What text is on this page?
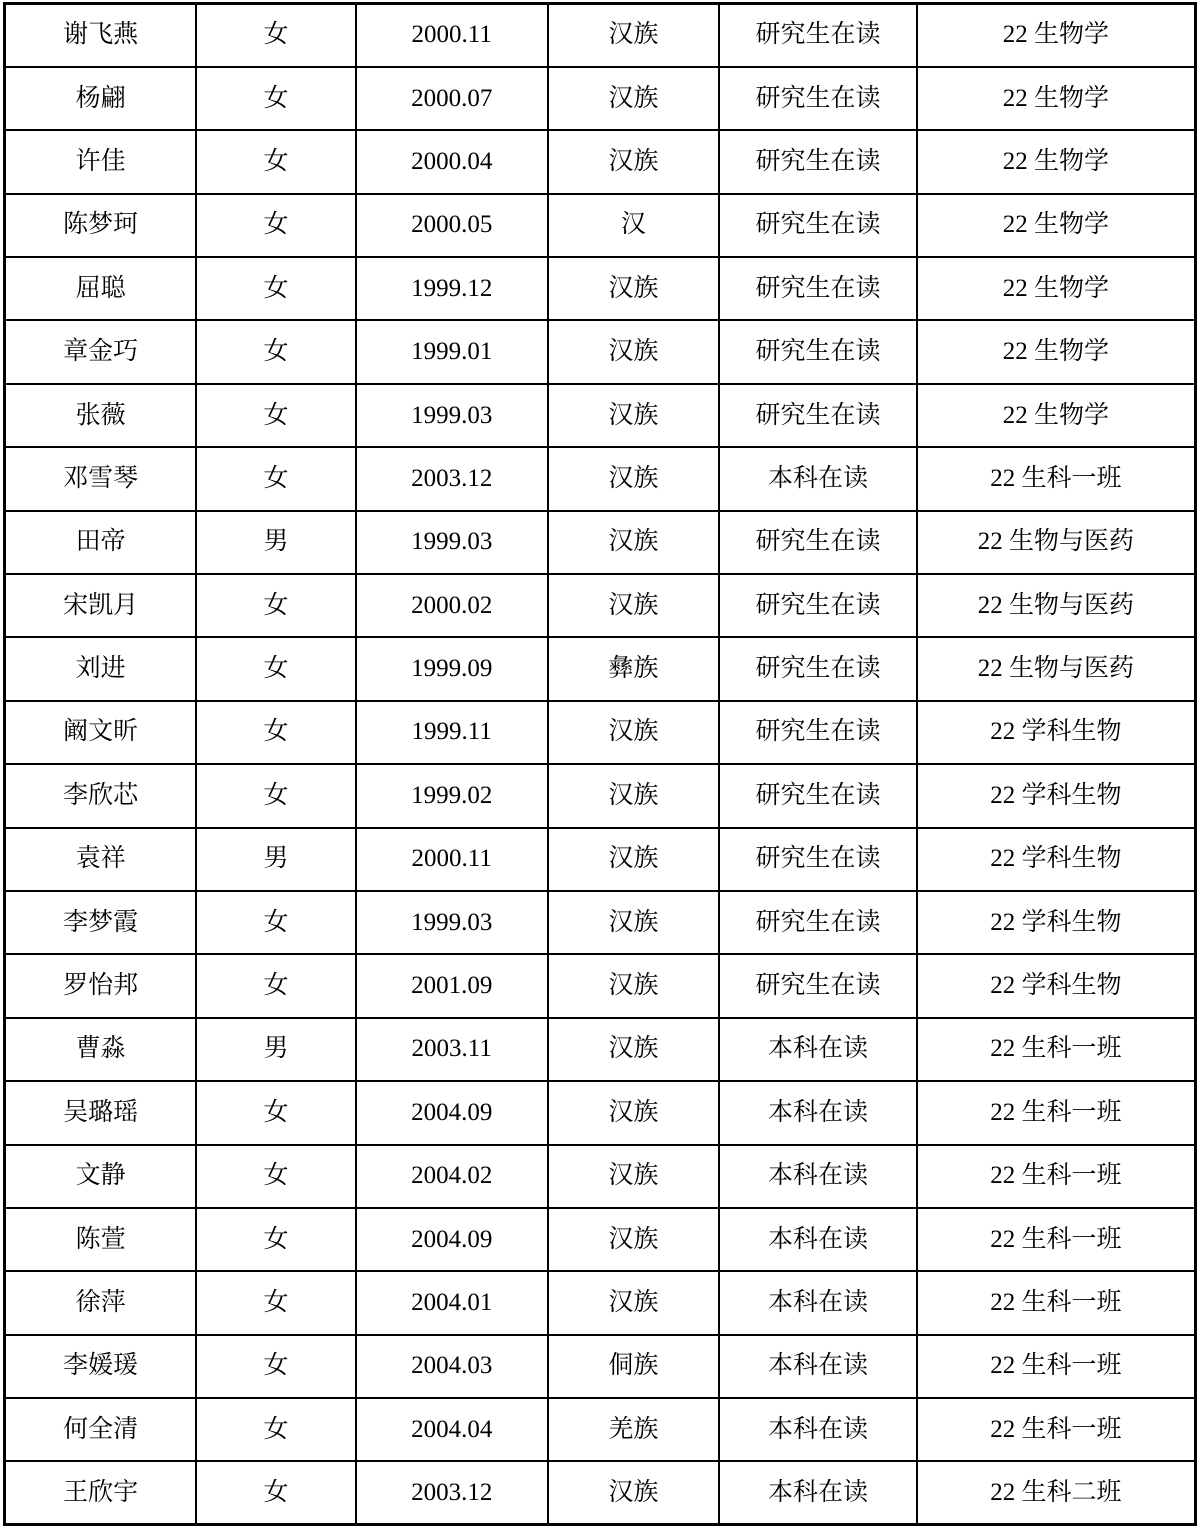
谢飞燕	女	2000.11	汉族	研究生在读	22 生物学
杨翩	女	2000.07	汉族	研究生在读	22 生物学
许佳	女	2000.04	汉族	研究生在读	22 生物学
陈梦珂	女	2000.05	汉	研究生在读	22 生物学
屈聪	女	1999.12	汉族	研究生在读	22 生物学
章金巧	女	1999.01	汉族	研究生在读	22 生物学
张薇	女	1999.03	汉族	研究生在读	22 生物学
邓雪琴	女	2003.12	汉族	本科在读	22 生科一班
田帝	男	1999.03	汉族	研究生在读	22 生物与医药
宋凯月	女	2000.02	汉族	研究生在读	22 生物与医药
刘进	女	1999.09	彝族	研究生在读	22 生物与医药
阚文昕	女	1999.11	汉族	研究生在读	22 学科生物
李欣芯	女	1999.02	汉族	研究生在读	22 学科生物
袁祥	男	2000.11	汉族	研究生在读	22 学科生物
李梦霞	女	1999.03	汉族	研究生在读	22 学科生物
罗怡邦	女	2001.09	汉族	研究生在读	22 学科生物
曹淼	男	2003.11	汉族	本科在读	22 生科一班
吴璐瑶	女	2004.09	汉族	本科在读	22 生科一班
文静	女	2004.02	汉族	本科在读	22 生科一班
陈萱	女	2004.09	汉族	本科在读	22 生科一班
徐萍	女	2004.01	汉族	本科在读	22 生科一班
李媛瑗	女	2004.03	侗族	本科在读	22 生科一班
何全清	女	2004.04	羌族	本科在读	22 生科一班
王欣宇	女	2003.12	汉族	本科在读	22 生科二班
